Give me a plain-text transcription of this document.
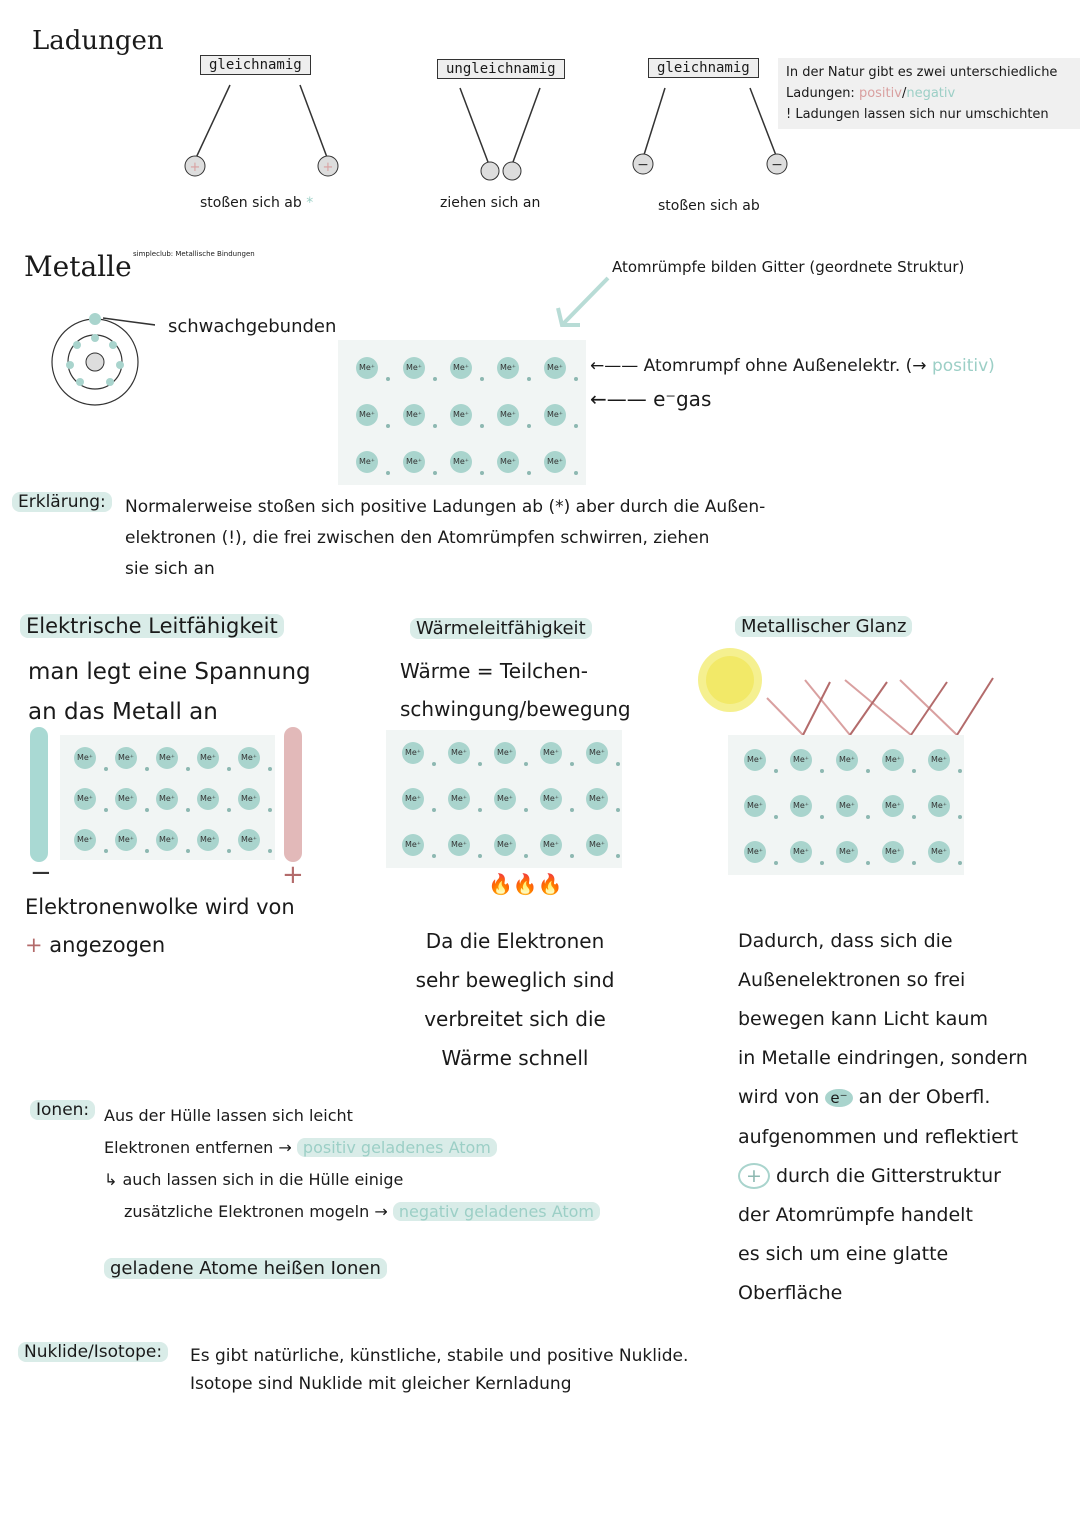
Ladungen
+	+	−	−
gleichnamig	ungleichnamig	gleichnamig
stoßen sich ab *	ziehen sich an	stoßen sich ab
In der Natur gibt es zwei unterschiedliche
Ladungen: positiv/negativ
! Ladungen lassen sich nur umschichten
Metalle simpleclub: Metallische Bindungen
schwachgebunden
Atomrümpfe bilden Gitter (geordnete Struktur)
Me⁺	Me⁺	Me⁺	Me⁺	Me⁺
Me⁺	Me⁺	Me⁺	Me⁺	Me⁺
Me⁺	Me⁺	Me⁺	Me⁺	Me⁺
←—— Atomrumpf ohne Außenelektr. (→ positiv)
←—— e⁻gas
Erklärung:	Normalerweise stoßen sich positive Ladungen ab (*) aber durch die Außen-
elektronen (!), die frei zwischen den Atomrümpfen schwirren, ziehen
sie sich an
Elektrische Leitfähigkeit
man legt eine Spannung
an das Metall an
−
Me⁺	Me⁺	Me⁺	Me⁺	Me⁺
Me⁺	Me⁺	Me⁺	Me⁺	Me⁺
Me⁺	Me⁺	Me⁺	Me⁺	Me⁺
+
Elektronenwolke wird von
+ angezogen
Wärmeleitfähigkeit
Wärme = Teilchen-
schwingung/bewegung
Me⁺	Me⁺	Me⁺	Me⁺	Me⁺
Me⁺	Me⁺	Me⁺	Me⁺	Me⁺
Me⁺	Me⁺	Me⁺	Me⁺	Me⁺
🔥🔥🔥
Da die Elektronen
sehr beweglich sind
verbreitet sich die
Wärme schnell
Metallischer Glanz
Me⁺	Me⁺	Me⁺	Me⁺	Me⁺
Me⁺	Me⁺	Me⁺	Me⁺	Me⁺
Me⁺	Me⁺	Me⁺	Me⁺	Me⁺
Dadurch, dass sich die
Außenelektronen so frei
bewegen kann Licht kaum
in Metalle eindringen, sondern
wird von e⁻ an der Oberfl.
aufgenommen und reflektiert
+ durch die Gitterstruktur
der Atomrümpfe handelt
es sich um eine glatte
Oberfläche
Ionen: Aus der Hülle lassen sich leicht
Elektronen entfernen → positiv geladenes Atom
↳ auch lassen sich in die Hülle einige
zusätzliche Elektronen mogeln → negativ geladenes Atom
geladene Atome heißen Ionen
Nuklide/Isotope:	Es gibt natürliche, künstliche, stabile und positive Nuklide.
Isotope sind Nuklide mit gleicher Kernladung
